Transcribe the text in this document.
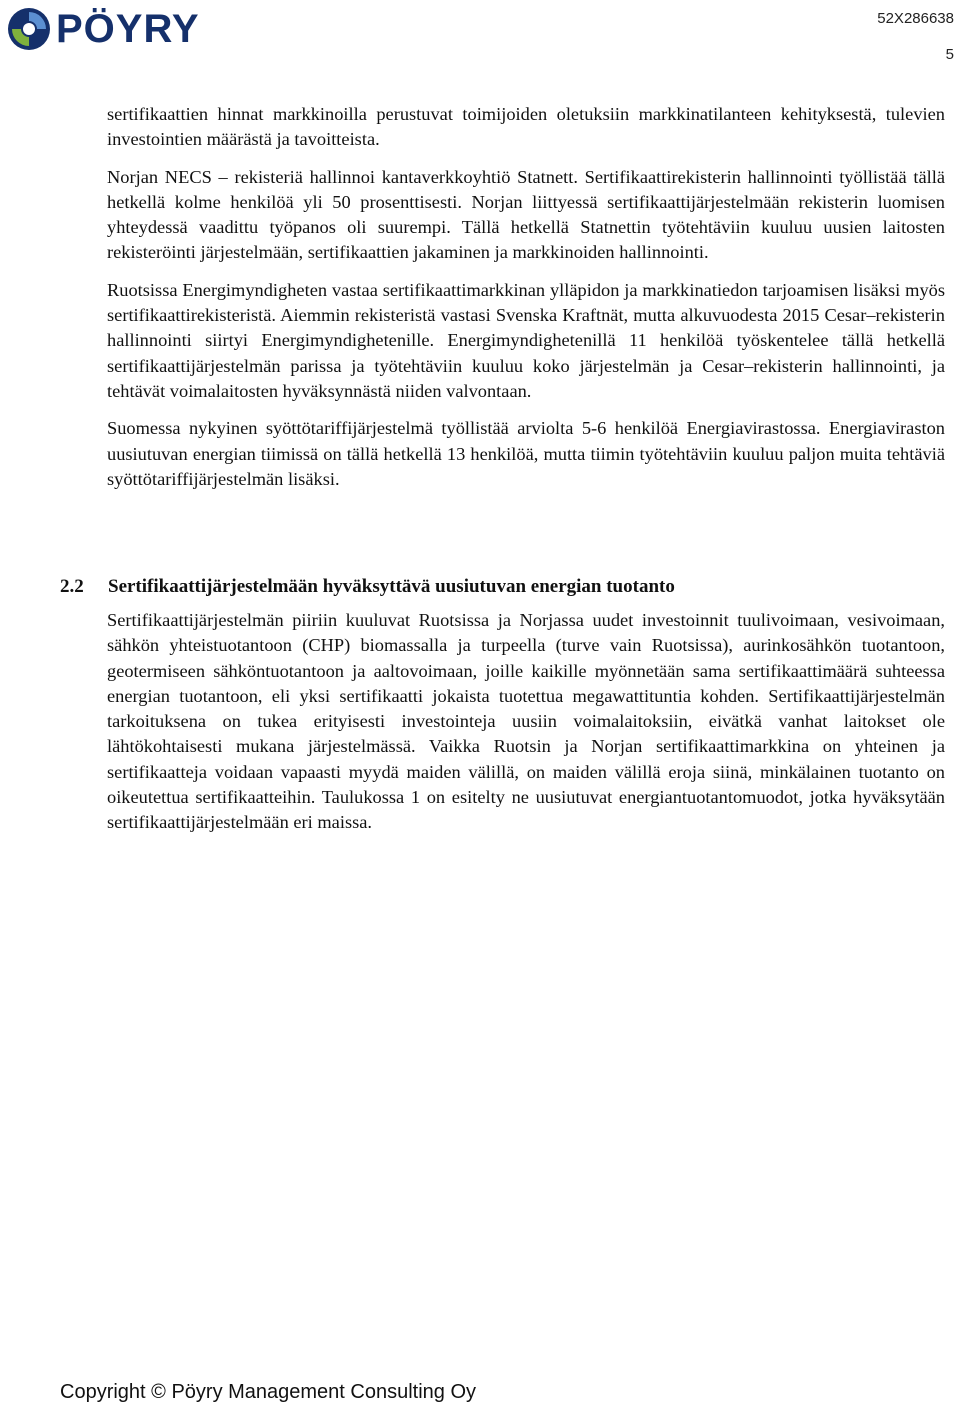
PÖYRY	52X286638
5

sertifikaattien hinnat markkinoilla perustuvat toimijoiden oletuksiin markkinatilanteen kehityksestä, tulevien investointien määrästä ja tavoitteista.

Norjan NECS – rekisteriä hallinnoi kantaverkkoyhtiö Statnett. Sertifikaattirekisterin hallinnointi työllistää tällä hetkellä kolme henkilöä yli 50 prosenttisesti. Norjan liittyessä sertifikaattijärjestelmään rekisterin luomisen yhteydessä vaadittu työpanos oli suurempi. Tällä hetkellä Statnettin työtehtäviin kuuluu uusien laitosten rekisteröinti järjestelmään, sertifikaattien jakaminen ja markkinoiden hallinnointi.

Ruotsissa Energimyndigheten vastaa sertifikaattimarkkinan ylläpidon ja markkinatiedon tarjoamisen lisäksi myös sertifikaattirekisteristä. Aiemmin rekisteristä vastasi Svenska Kraftnät, mutta alkuvuodesta 2015 Cesar–rekisterin hallinnointi siirtyi Energimyndighetenille. Energimyndighetenillä 11 henkilöä työskentelee tällä hetkellä sertifikaattijärjestelmän parissa ja työtehtäviin kuuluu koko järjestelmän ja Cesar–rekisterin hallinnointi, ja tehtävät voimalaitosten hyväksynnästä niiden valvontaan.

Suomessa nykyinen syöttötariffijärjestelmä työllistää arviolta 5-6 henkilöä Energiavirastossa. Energiaviraston uusiutuvan energian tiimissä on tällä hetkellä 13 henkilöä, mutta tiimin työtehtäviin kuuluu paljon muita tehtäviä syöttötariffijärjestelmän lisäksi.

2.2	Sertifikaattijärjestelmään hyväksyttävä uusiutuvan energian tuotanto

Sertifikaattijärjestelmän piiriin kuuluvat Ruotsissa ja Norjassa uudet investoinnit tuulivoimaan, vesivoimaan, sähkön yhteistuotantoon (CHP) biomassalla ja turpeella (turve vain Ruotsissa), aurinkosähkön tuotantoon, geotermiseen sähköntuotantoon ja aaltovoimaan, joille kaikille myönnetään sama sertifikaattimäärä suhteessa energian tuotantoon, eli yksi sertifikaatti jokaista tuotettua megawattituntia kohden. Sertifikaattijärjestelmän tarkoituksena on tukea erityisesti investointeja uusiin voimalaitoksiin, eivätkä vanhat laitokset ole lähtökohtaisesti mukana järjestelmässä. Vaikka Ruotsin ja Norjan sertifikaattimarkkina on yhteinen ja sertifikaatteja voidaan vapaasti myydä maiden välillä, on maiden välillä eroja siinä, minkälainen tuotanto on oikeutettua sertifikaatteihin. Taulukossa 1 on esitelty ne uusiutuvat energiantuotantomuodot, jotka hyväksytään sertifikaattijärjestelmään eri maissa.

Copyright © Pöyry Management Consulting Oy
